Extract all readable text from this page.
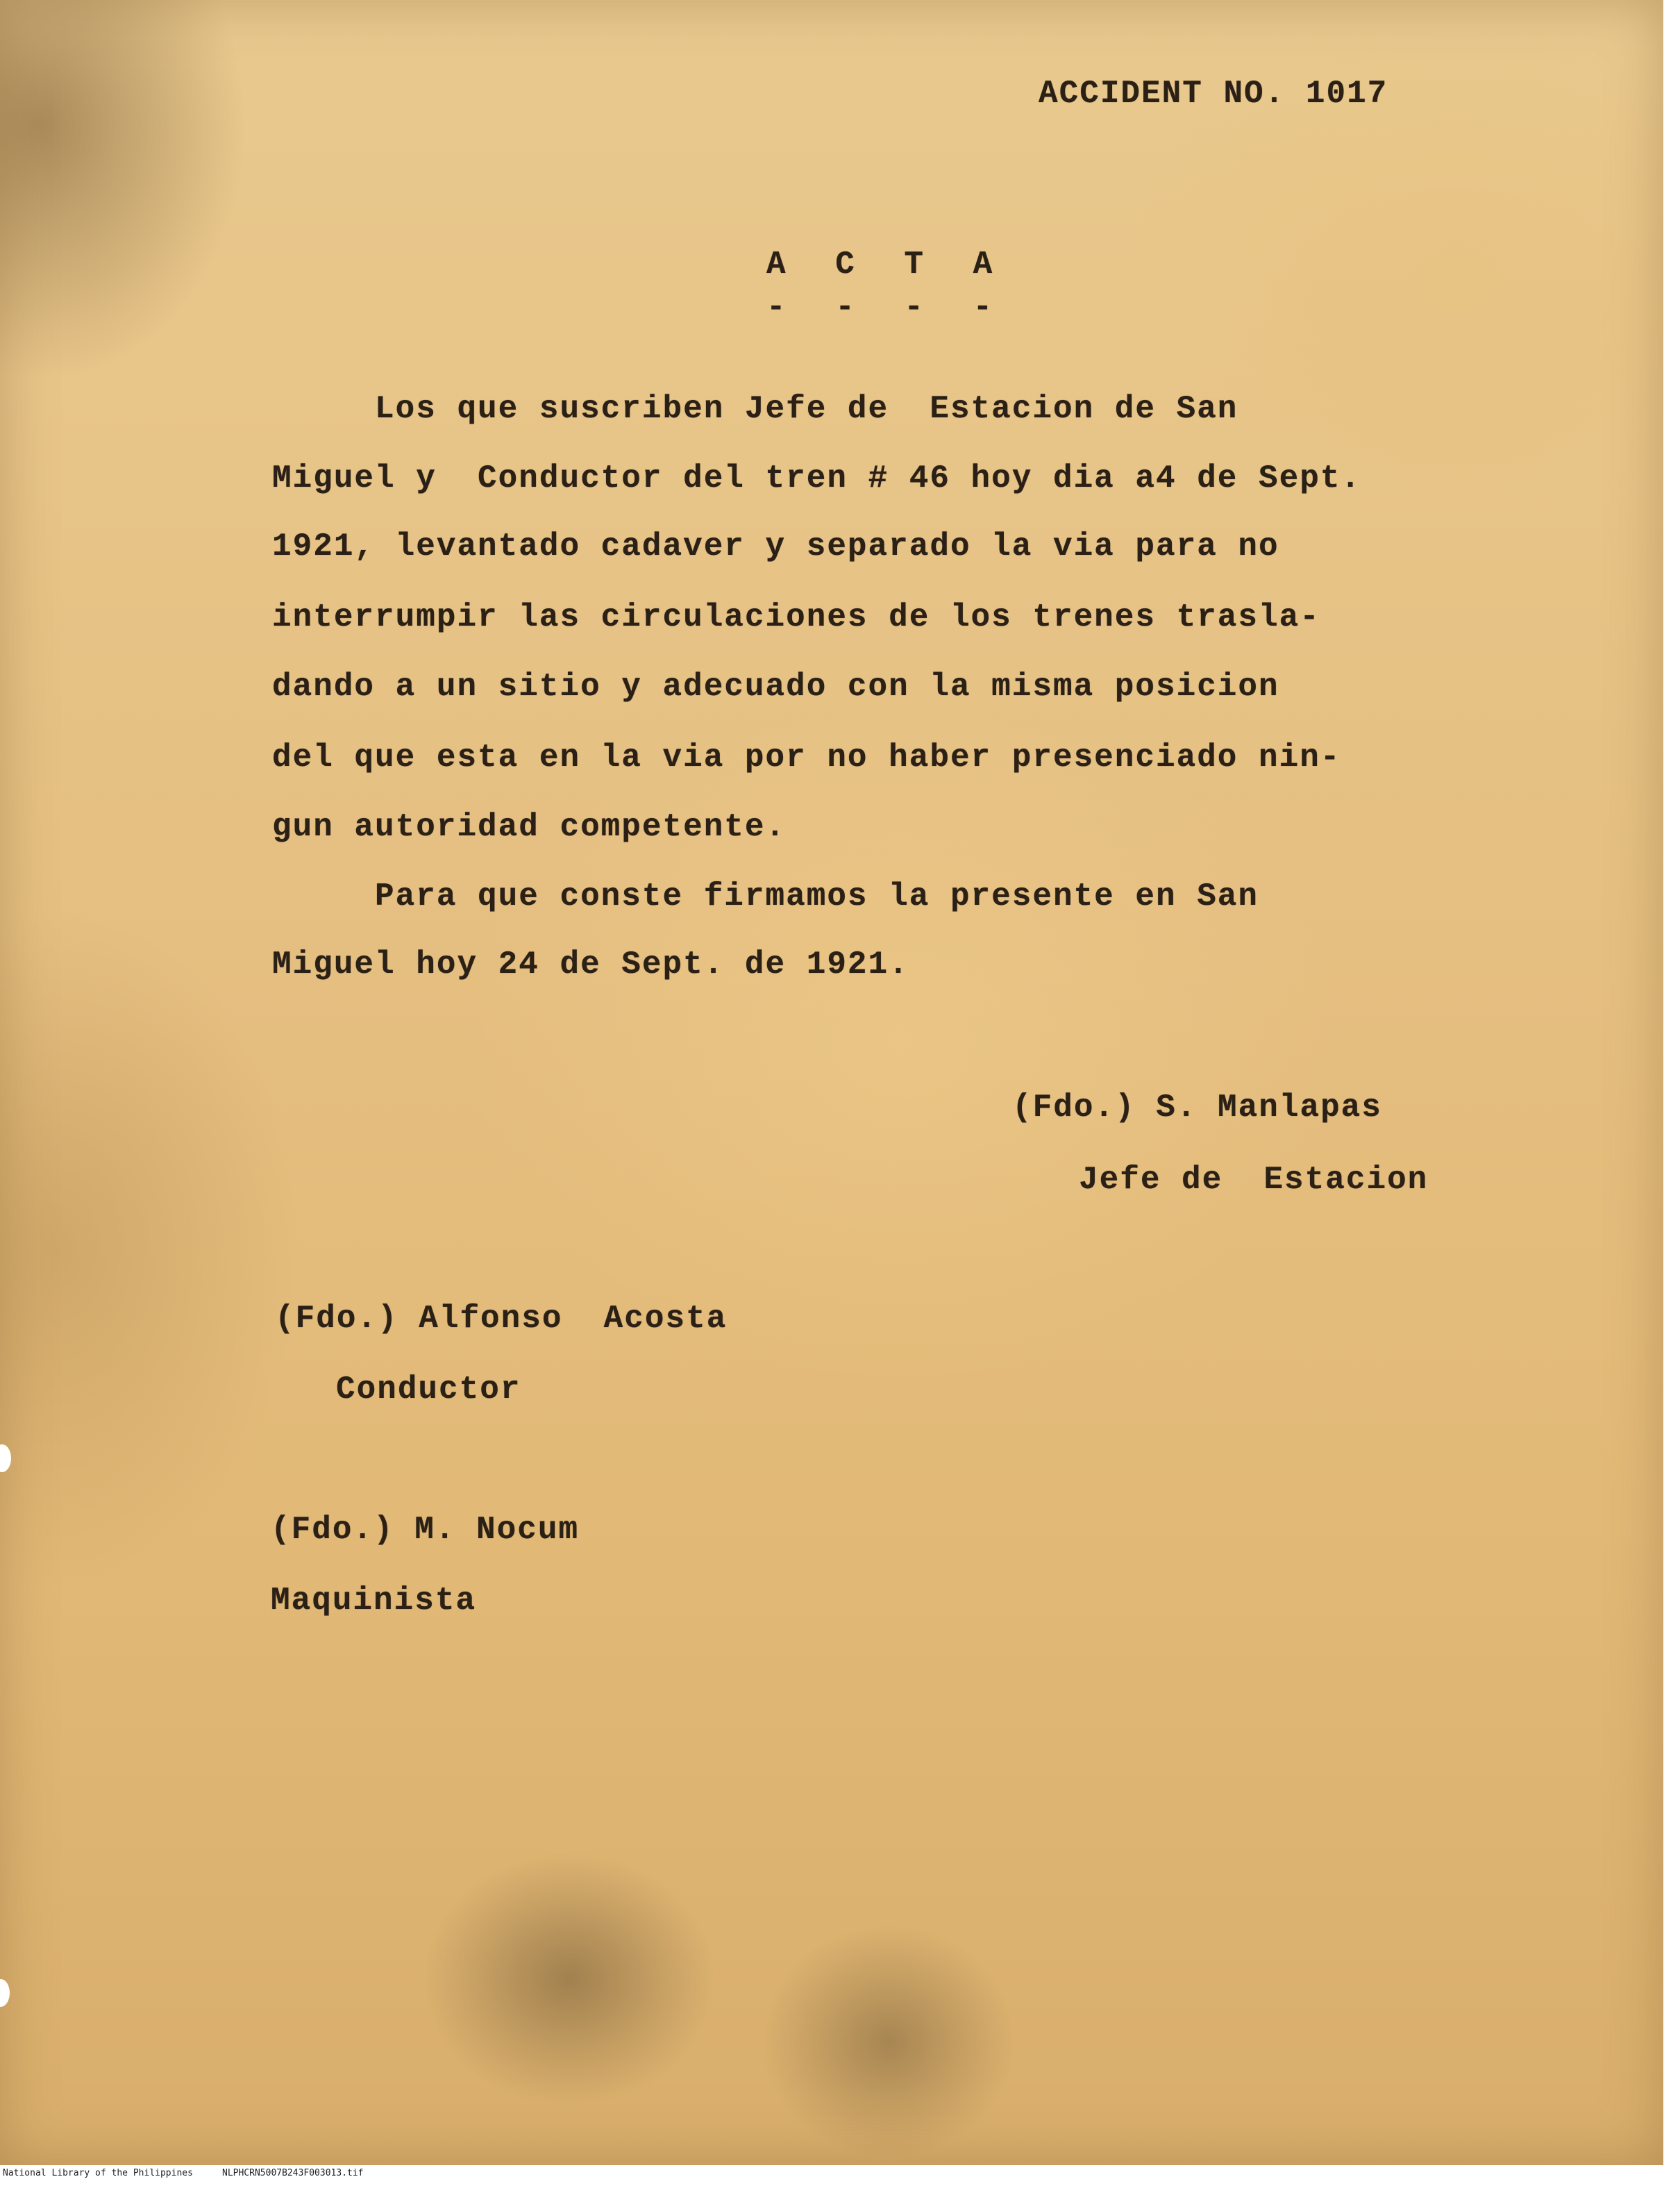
ACCIDENT NO. 1017
A C T A
- - - -
Los que suscriben Jefe de  Estacion de San
Miguel y  Conductor del tren # 46 hoy dia a4 de Sept.
1921, levantado cadaver y separado la via para no
interrumpir las circulaciones de los trenes trasla-
dando a un sitio y adecuado con la misma posicion
del que esta en la via por no haber presenciado nin-
gun autoridad competente.
Para que conste firmamos la presente en San
Miguel hoy 24 de Sept. de 1921.
(Fdo.) S. Manlapas
Jefe de  Estacion
(Fdo.) Alfonso  Acosta
Conductor
(Fdo.) M. Nocum
Maquinista
National Library of the Philippines	NLPHCRN5007B243F003013.tif
